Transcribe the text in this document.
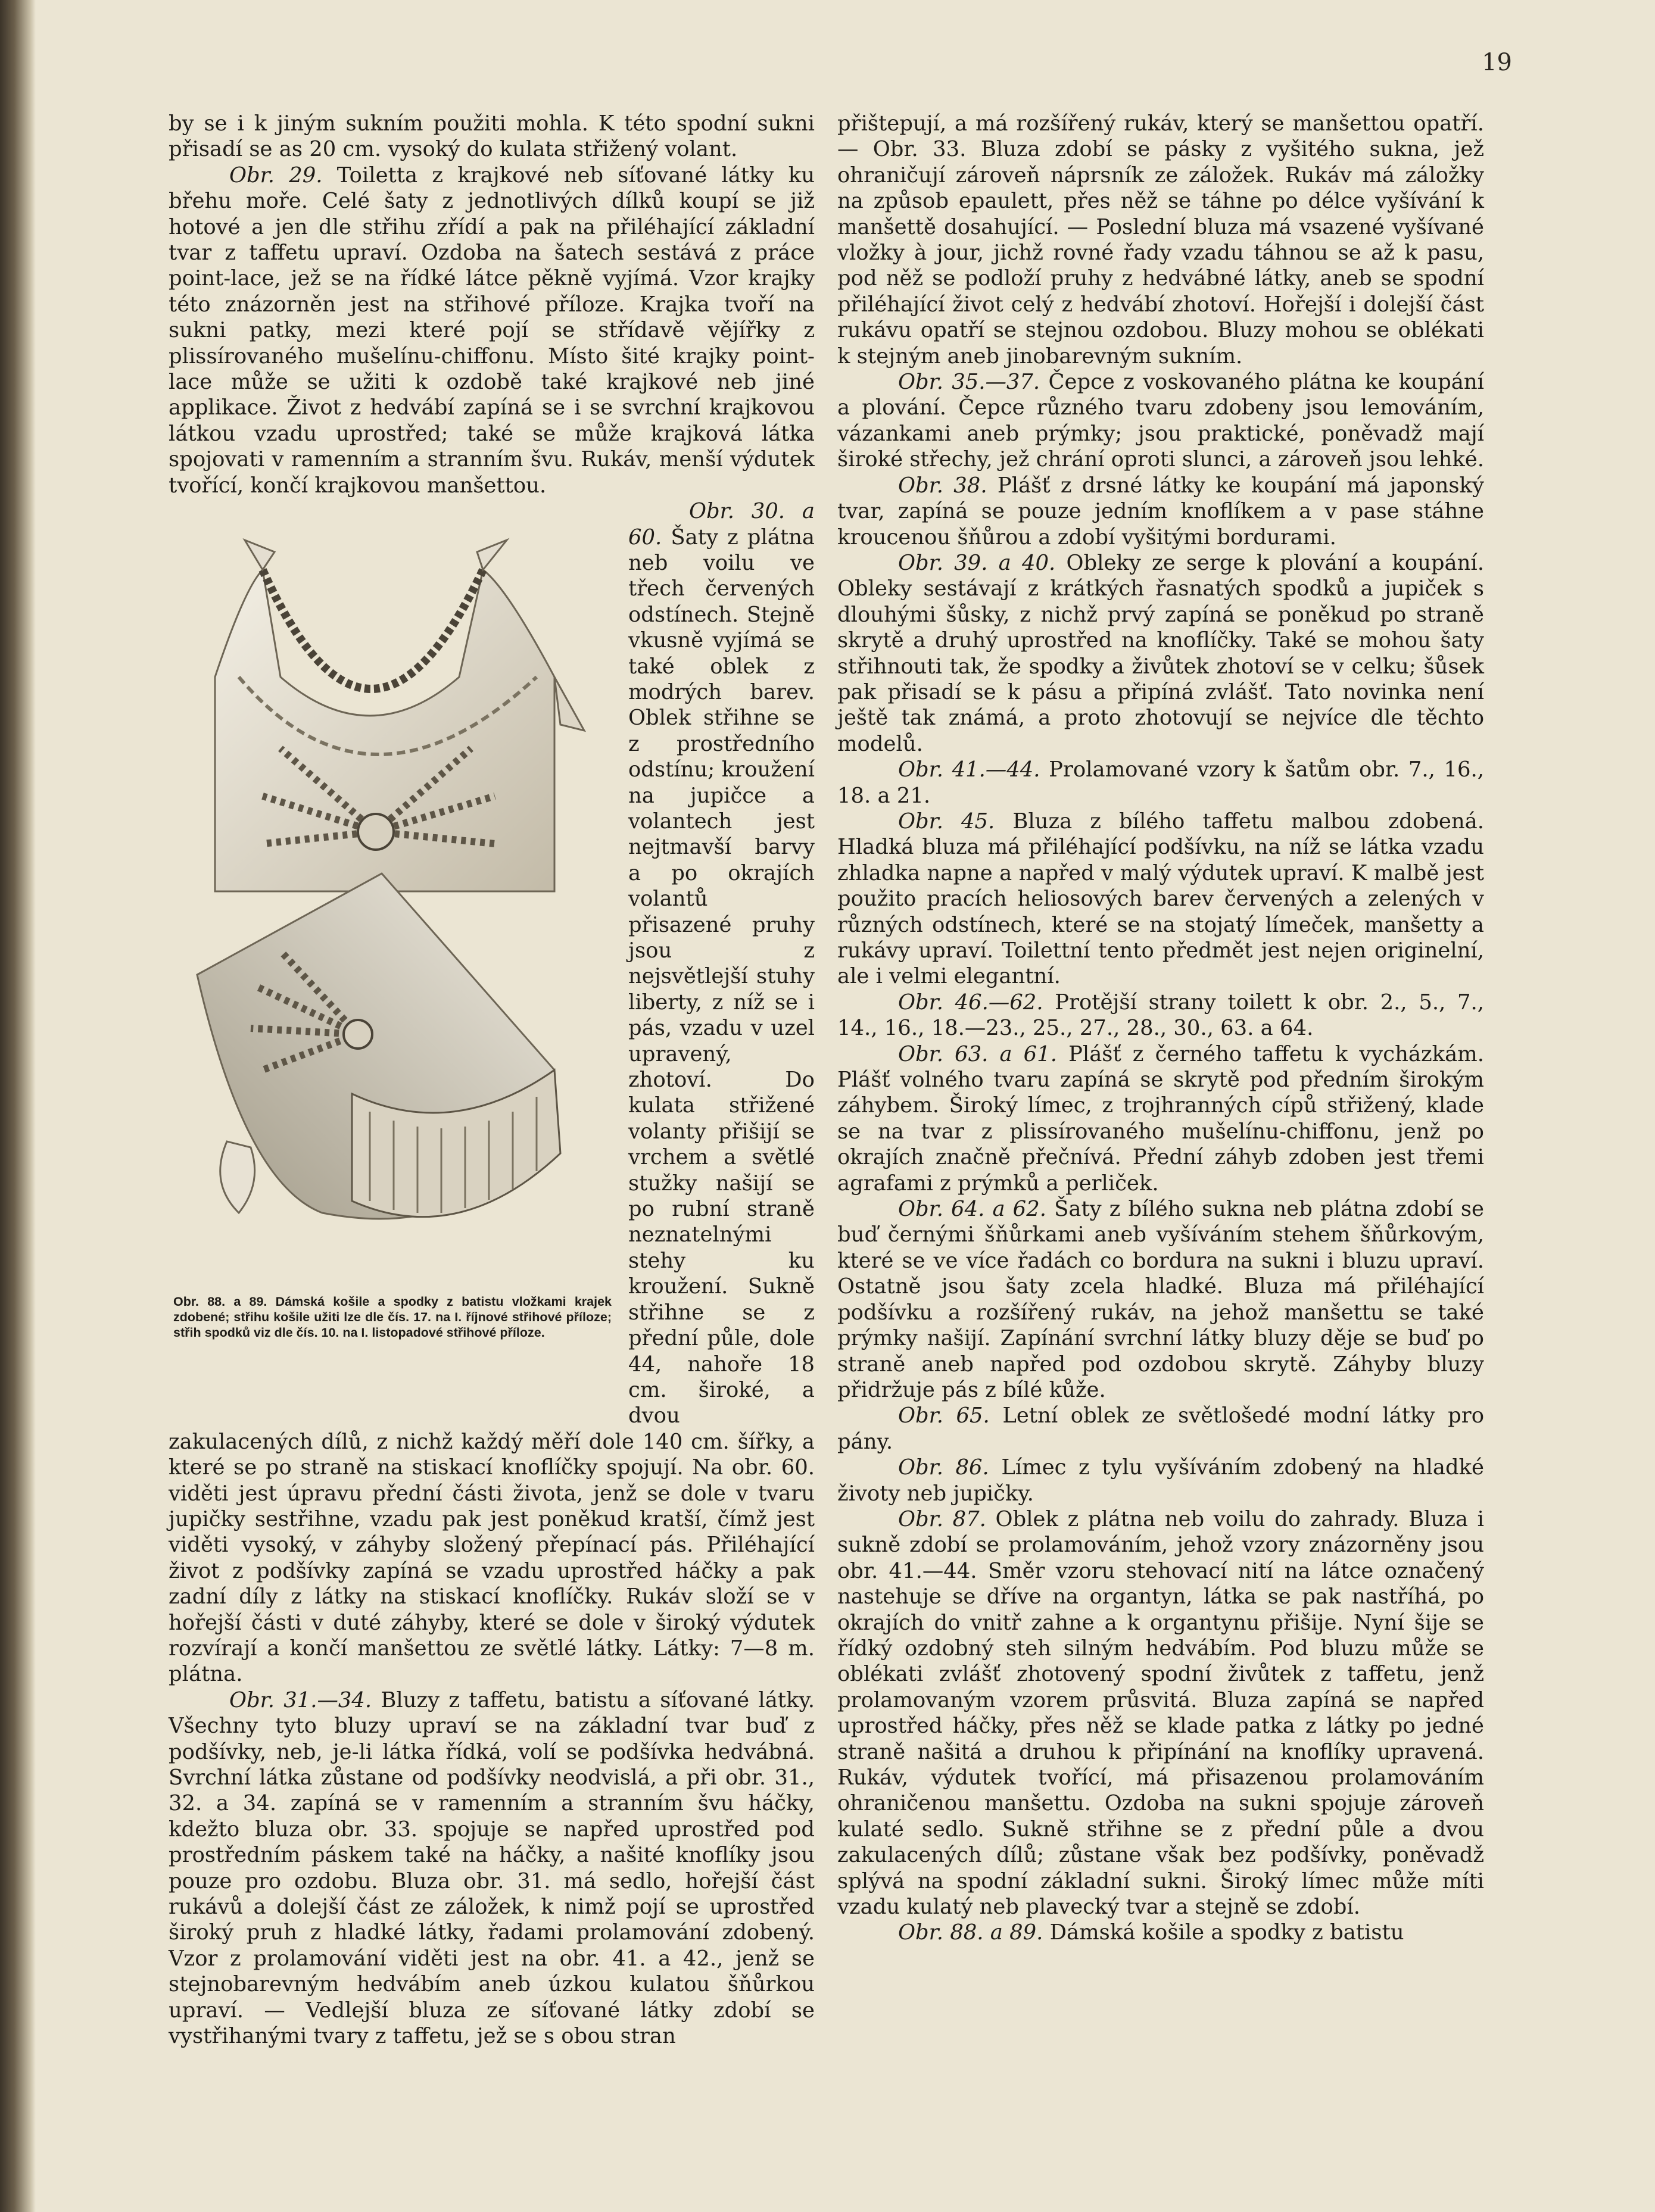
19

by se i k jiným sukním použiti mohla. K této spodní sukni přisadí se as 20 cm. vysoký do kulata střižený volant.

Obr. 29. Toiletta z krajkové neb síťované látky ku břehu moře. Celé šaty z jednotlivých dílků koupí se již hotové a jen dle střihu zřídí a pak na přiléhající základní tvar z taffetu upraví. Ozdoba na šatech sestává z práce point-lace, jež se na řídké látce pěkně vyjímá. Vzor krajky této znázorněn jest na střihové příloze. Krajka tvoří na sukni patky, mezi které pojí se střídavě vějířky z plissírovaného mušelínu-chiffonu. Místo šité krajky point-lace může se užiti k ozdobě také krajkové neb jiné applikace. Život z hedvábí zapíná se i se svrchní krajkovou látkou vzadu uprostřed; také se může krajková látka spojovati v ramenním a stranním švu. Rukáv, menší výdutek tvořící, končí krajkovou manšettou.

Obr. 88. a 89. Dámská košile a spodky z batistu vložkami krajek zdobené; střihu košile užiti lze dle čís. 17. na I. říjnové střihové příloze; střih spodků viz dle čís. 10. na I. listopadové střihové příloze.

Obr. 30. a 60. Šaty z plátna neb voilu ve třech červených odstínech. Stejně vkusně vyjímá se také oblek z modrých barev. Oblek střihne se z prostředního odstínu; kroužení na jupičce a volantech jest nejtmavší barvy a po okrajích volantů přisazené pruhy jsou z nejsvětlejší stuhy liberty, z níž se i pás, vzadu v uzel upravený, zhotoví. Do kulata střižené volanty přišijí se vrchem a světlé stužky našijí se po rubní straně neznatelnými stehy ku kroužení. Sukně střihne se z přední půle, dole 44, nahoře 18 cm. široké, a dvou zakulacených dílů, z nichž každý měří dole 140 cm. šířky, a které se po straně na stiskací knoflíčky spojují. Na obr. 60. viděti jest úpravu přední části života, jenž se dole v tvaru jupičky sestřihne, vzadu pak jest poněkud kratší, čímž jest viděti vysoký, v záhyby složený přepínací pás. Přiléhající život z podšívky zapíná se vzadu uprostřed háčky a pak zadní díly z látky na stiskací knoflíčky. Rukáv složí se v hořejší části v duté záhyby, které se dole v široký výdutek rozvírají a končí manšettou ze světlé látky. Látky: 7—8 m. plátna.

Obr. 31.—34. Bluzy z taffetu, batistu a síťované látky. Všechny tyto bluzy upraví se na základní tvar buď z podšívky, neb, je-li látka řídká, volí se podšívka hedvábná. Svrchní látka zůstane od podšívky neodvislá, a při obr. 31., 32. a 34. zapíná se v ramenním a stranním švu háčky, kdežto bluza obr. 33. spojuje se napřed uprostřed pod prostředním páskem také na háčky, a našité knoflíky jsou pouze pro ozdobu. Bluza obr. 31. má sedlo, hořejší část rukávů a dolejší část ze záložek, k nimž pojí se uprostřed široký pruh z hladké látky, řadami prolamování zdobený. Vzor z prolamování viděti jest na obr. 41. a 42., jenž se stejnobarevným hedvábím aneb úzkou kulatou šňůrkou upraví. — Vedlejší bluza ze síťované látky zdobí se vystřihanými tvary z taffetu, jež se s obou stran

přištepují, a má rozšířený rukáv, který se manšettou opatří. — Obr. 33. Bluza zdobí se pásky z vyšitého sukna, jež ohraničují zároveň náprsník ze záložek. Rukáv má záložky na způsob epaulett, přes něž se táhne po délce vyšívání k manšettě dosahující. — Poslední bluza má vsazené vyšívané vložky à jour, jichž rovné řady vzadu táhnou se až k pasu, pod něž se podloží pruhy z hedvábné látky, aneb se spodní přiléhající život celý z hedvábí zhotoví. Hořejší i dolejší část rukávu opatří se stejnou ozdobou. Bluzy mohou se oblékati k stejným aneb jinobarevným sukním.

Obr. 35.—37. Čepce z voskovaného plátna ke koupání a plování. Čepce různého tvaru zdobeny jsou lemováním, vázankami aneb prýmky; jsou praktické, poněvadž mají široké střechy, jež chrání oproti slunci, a zároveň jsou lehké.

Obr. 38. Plášť z drsné látky ke koupání má japonský tvar, zapíná se pouze jedním knoflíkem a v pase stáhne kroucenou šňůrou a zdobí vyšitými bordurami.

Obr. 39. a 40. Obleky ze serge k plování a koupání. Obleky sestávají z krátkých řasnatých spodků a jupiček s dlouhými šůsky, z nichž prvý zapíná se poněkud po straně skrytě a druhý uprostřed na knoflíčky. Také se mohou šaty střihnouti tak, že spodky a živůtek zhotoví se v celku; šůsek pak přisadí se k pásu a připíná zvlášť. Tato novinka není ještě tak známá, a proto zhotovují se nejvíce dle těchto modelů.

Obr. 41.—44. Prolamované vzory k šatům obr. 7., 16., 18. a 21.

Obr. 45. Bluza z bílého taffetu malbou zdobená. Hladká bluza má přiléhající podšívku, na níž se látka vzadu zhladka napne a napřed v malý výdutek upraví. K malbě jest použito pracích heliosových barev červených a zelených v různých odstínech, které se na stojatý límeček, manšetty a rukávy upraví. Toilettní tento předmět jest nejen originelní, ale i velmi elegantní.

Obr. 46.—62. Protější strany toilett k obr. 2., 5., 7., 14., 16., 18.—23., 25., 27., 28., 30., 63. a 64.

Obr. 63. a 61. Plášť z černého taffetu k vycházkám. Plášť volného tvaru zapíná se skrytě pod předním širokým záhybem. Široký límec, z trojhranných cípů střižený, klade se na tvar z plissírovaného mušelínu-chiffonu, jenž po okrajích značně přečnívá. Přední záhyb zdoben jest třemi agrafami z prýmků a perliček.

Obr. 64. a 62. Šaty z bílého sukna neb plátna zdobí se buď černými šňůrkami aneb vyšíváním stehem šňůrkovým, které se ve více řadách co bordura na sukni i bluzu upraví. Ostatně jsou šaty zcela hladké. Bluza má přiléhající podšívku a rozšířený rukáv, na jehož manšettu se také prýmky našijí. Zapínání svrchní látky bluzy děje se buď po straně aneb napřed pod ozdobou skrytě. Záhyby bluzy přidržuje pás z bílé kůže.

Obr. 65. Letní oblek ze světlošedé modní látky pro pány.

Obr. 86. Límec z tylu vyšíváním zdobený na hladké životy neb jupičky.

Obr. 87. Oblek z plátna neb voilu do zahrady. Bluza i sukně zdobí se prolamováním, jehož vzory znázorněny jsou obr. 41.—44. Směr vzoru stehovací nití na látce označený nastehuje se dříve na organtyn, látka se pak nastříhá, po okrajích do vnitř zahne a k organtynu přišije. Nyní šije se řídký ozdobný steh silným hedvábím. Pod bluzu může se oblékati zvlášť zhotovený spodní živůtek z taffetu, jenž prolamovaným vzorem průsvitá. Bluza zapíná se napřed uprostřed háčky, přes něž se klade patka z látky po jedné straně našitá a druhou k připínání na knoflíky upravená. Rukáv, výdutek tvořící, má přisazenou prolamováním ohraničenou manšettu. Ozdoba na sukni spojuje zároveň kulaté sedlo. Sukně střihne se z přední půle a dvou zakulacených dílů; zůstane však bez podšívky, poněvadž splývá na spodní základní sukni. Široký límec může míti vzadu kulatý neb plavecký tvar a stejně se zdobí.

Obr. 88. a 89. Dámská košile a spodky z batistu
